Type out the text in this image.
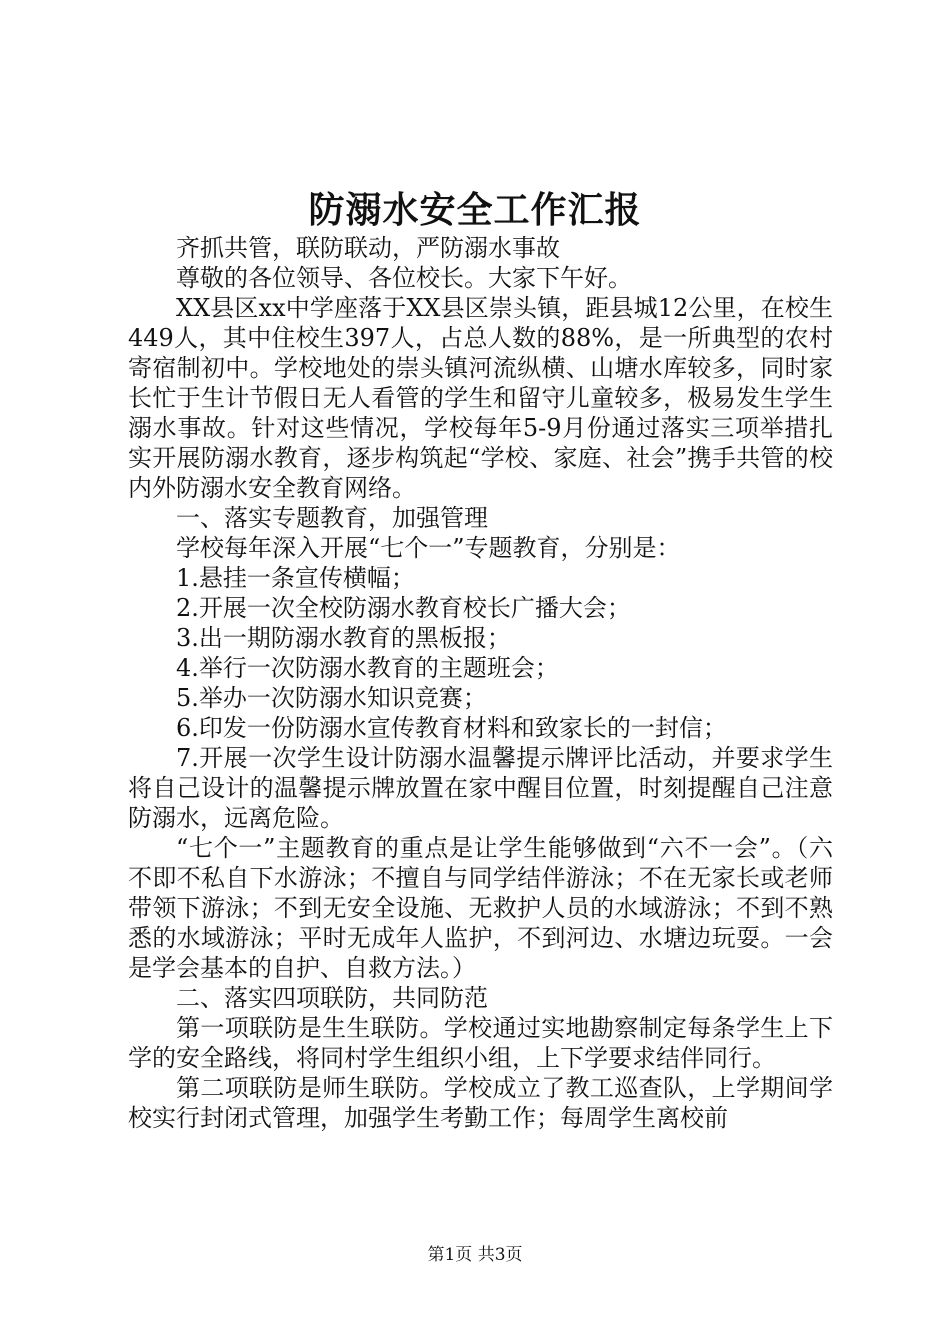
防溺水安全工作汇报

齐抓共管，联防联动，严防溺水事故

尊敬的各位领导、各位校长。大家下午好。

XX县区xx中学座落于XX县区崇头镇，距县城12公里，在校生449人，其中住校生397人，占总人数的88%，是一所典型的农村寄宿制初中。学校地处的崇头镇河流纵横、山塘水库较多，同时家长忙于生计节假日无人看管的学生和留守儿童较多，极易发生学生溺水事故。针对这些情况，学校每年5-9月份通过落实三项举措扎实开展防溺水教育，逐步构筑起“学校、家庭、社会”携手共管的校内外防溺水安全教育网络。

一、落实专题教育，加强管理

学校每年深入开展“七个一”专题教育，分别是：

1.悬挂一条宣传横幅；

2.开展一次全校防溺水教育校长广播大会；

3.出一期防溺水教育的黑板报；

4.举行一次防溺水教育的主题班会；

5.举办一次防溺水知识竞赛；

6.印发一份防溺水宣传教育材料和致家长的一封信；

7.开展一次学生设计防溺水温馨提示牌评比活动，并要求学生将自己设计的温馨提示牌放置在家中醒目位置，时刻提醒自己注意防溺水，远离危险。

“七个一”主题教育的重点是让学生能够做到“六不一会”。（六不即不私自下水游泳；不擅自与同学结伴游泳；不在无家长或老师带领下游泳；不到无安全设施、无救护人员的水域游泳；不到不熟悉的水域游泳；平时无成年人监护，不到河边、水塘边玩耍。一会是学会基本的自护、自救方法。）

二、落实四项联防，共同防范

第一项联防是生生联防。学校通过实地勘察制定每条学生上下学的安全路线，将同村学生组织小组，上下学要求结伴同行。

第二项联防是师生联防。学校成立了教工巡查队，上学期间学校实行封闭式管理，加强学生考勤工作；每周学生离校前

第1页 共3页
